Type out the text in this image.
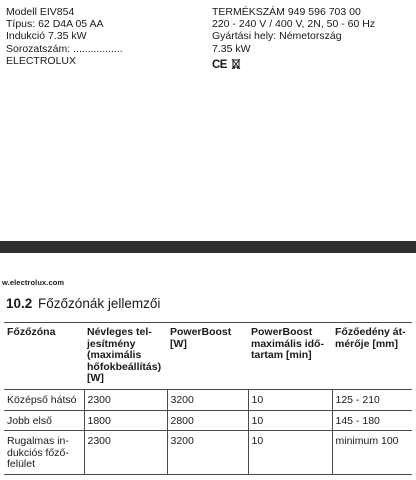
Modell EIV854
Típus: 62 D4A 05 AA
Indukció 7.35 kW
Sorozatszám: .................
ELECTROLUX
TERMÉKSZÁM 949 596 703 00
220 - 240 V / 400 V, 2N, 50 - 60 Hz
Gyártási hely: Németország
7.35 kW
CE
w.electrolux.com
10.2 Főzőzónák jellemzői
Főzőzóna	Névleges teljesítmény (maximális hőfokbeállítás) [W]	PowerBoost [W]	PowerBoost maximális időtartam [min]	Főzőedény átmérője [mm]
Középső hátsó	2300	3200	10	125 - 210
Jobb első	1800	2800	10	145 - 180
Rugalmas indukciós főzőfelület	2300	3200	10	minimum 100
